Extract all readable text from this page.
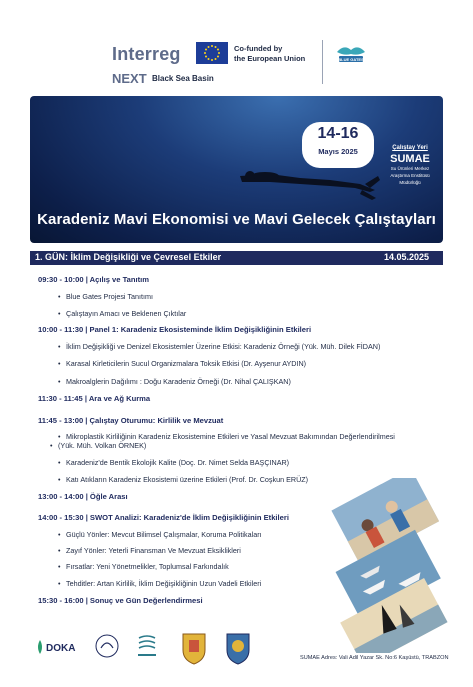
Interreg
NEXT Black Sea Basin
Co-funded by
the European Union	BLUE GATES
Karadeniz Mavi Ekonomisi ve Mavi Gelecek Çalıştayları
14-16
Mayıs 2025	Çalıştay Yeri
SUMAE
Su Ürünleri Merkez
Araştırma Enstitüsü
Müdürlüğü
1. GÜN: İklim Değişikliği ve Çevresel Etkiler	14.05.2025
09:30 - 10:00 | Açılış ve Tanıtım
• Blue Gates Projesi Tanıtımı
• Çalıştayın Amacı ve Beklenen Çıktılar
10:00 - 11:30 | Panel 1: Karadeniz Ekosisteminde İklim Değişikliğinin Etkileri
• İklim Değişikliği ve Denizel Ekosistemler Üzerine Etkisi: Karadeniz Örneği (Yük. Müh. Dilek FİDAN)
• Karasal Kirleticilerin Sucul Organizmalara Toksik Etkisi (Dr. Ayşenur AYDIN)
• Makroalglerin Dağılımı : Doğu Karadeniz Örneği (Dr. Nihal ÇALIŞKAN)
11:30 - 11:45 | Ara ve Ağ Kurma
11:45 - 13:00 | Çalıştay Oturumu: Kirlilik ve Mevzuat
• Mikroplastik Kirliliğinin Karadeniz Ekosistemine Etkileri ve Yasal Mevzuat Bakımından Değerlendirilmesi
• (Yük. Müh. Volkan ÖRNEK)
• Karadeniz'de Bentik Ekolojik Kalite (Doç. Dr. Nimet Selda BAŞÇINAR)
• Katı Atıkların Karadeniz Ekosistemi üzerine Etkileri (Prof. Dr. Coşkun ERÜZ)
13:00 - 14:00 | Öğle Arası
14:00 - 15:30 | SWOT Analizi: Karadeniz'de İklim Değişikliğinin Etkileri
• Güçlü Yönler: Mevcut Bilimsel Çalışmalar, Koruma Politikaları
• Zayıf Yönler: Yeterli Finansman Ve Mevzuat Eksiklikleri
• Fırsatlar: Yeni Yönetmelikler, Toplumsal Farkındalık
• Tehditler: Artan Kirlilik, İklim Değişikliğinin Uzun Vadeli Etkileri
15:30 - 16:00 | Sonuç ve Gün Değerlendirmesi
DOKA
SUMAE Adres: Vali Adil Yazar Sk. No:6 Kaşüstü, TRABZON
